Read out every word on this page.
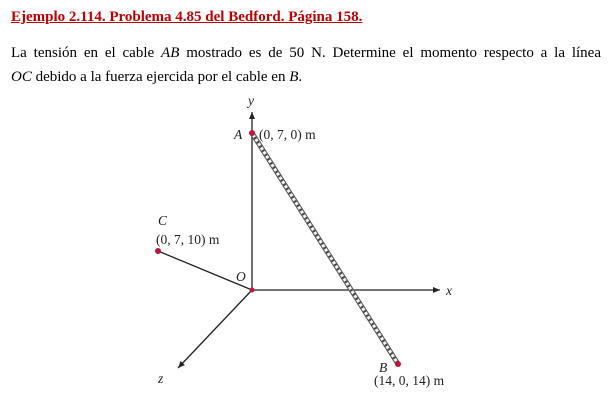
Ejemplo 2.114. Problema 4.85 del Bedford. Página 158.
La tensión en el cable AB mostrado es de 50 N. Determine el momento respecto a la línea
OC debido a la fuerza ejercida por el cable en B.
y
x
z
O
A (0, 7, 0) m
C
(0, 7, 10) m
B
(14, 0, 14) m
